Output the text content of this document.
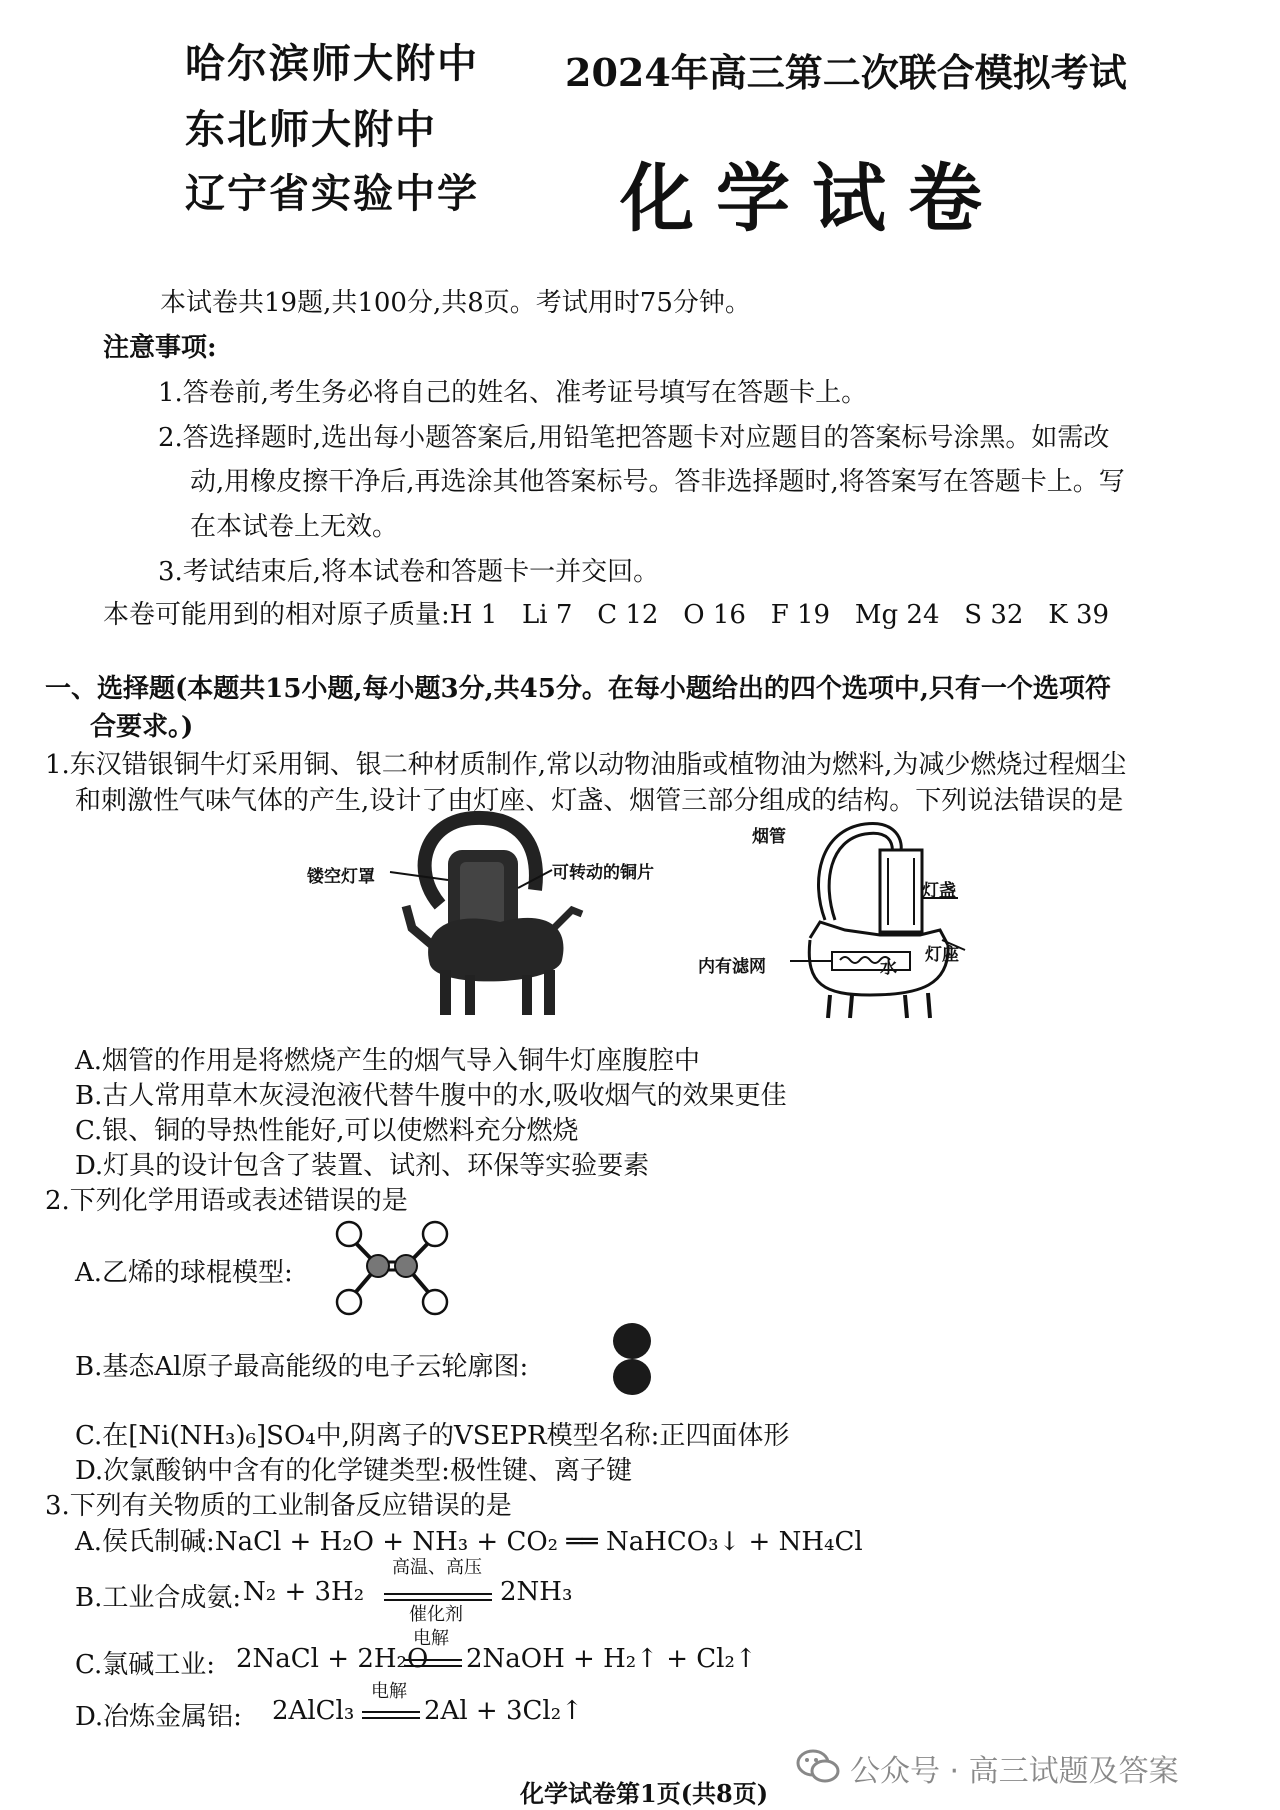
哈尔滨师大附中
东北师大附中
辽宁省实验中学
2024年高三第二次联合模拟考试
化学试卷
本试卷共19题,共100分,共8页。考试用时75分钟。
注意事项:
1.答卷前,考生务必将自己的姓名、准考证号填写在答题卡上。
2.答选择题时,选出每小题答案后,用铅笔把答题卡对应题目的答案标号涂黑。如需改
动,用橡皮擦干净后,再选涂其他答案标号。答非选择题时,将答案写在答题卡上。写
在本试卷上无效。
3.考试结束后,将本试卷和答题卡一并交回。
本卷可能用到的相对原子质量:H 1   Li 7   C 12   O 16   F 19   Mg 24   S 32   K 39
一、选择题(本题共15小题,每小题3分,共45分。在每小题给出的四个选项中,只有一个选项符
合要求。)
1.东汉错银铜牛灯采用铜、银二种材质制作,常以动物油脂或植物油为燃料,为减少燃烧过程烟尘
和刺激性气味气体的产生,设计了由灯座、灯盏、烟管三部分组成的结构。下列说法错误的是
镂空灯罩	可转动的铜片
烟管
灯盏
灯座
内有滤网	水
A.烟管的作用是将燃烧产生的烟气导入铜牛灯座腹腔中
B.古人常用草木灰浸泡液代替牛腹中的水,吸收烟气的效果更佳
C.银、铜的导热性能好,可以使燃料充分燃烧
D.灯具的设计包含了装置、试剂、环保等实验要素
2.下列化学用语或表述错误的是
A.乙烯的球棍模型:
B.基态Al原子最高能级的电子云轮廓图:
C.在[Ni(NH₃)₆]SO₄中,阴离子的VSEPR模型名称:正四面体形
D.次氯酸钠中含有的化学键类型:极性键、离子键
3.下列有关物质的工业制备反应错误的是
A.侯氏制碱:NaCl + H₂O + NH₃ + CO₂ ══ NaHCO₃↓ + NH₄Cl
B.工业合成氨: N₂ + 3H₂
高温、高压
催化剂
2NH₃
C.氯碱工业: 2NaCl + 2H₂O
电解
2NaOH + H₂↑ + Cl₂↑
D.冶炼金属铝: 2AlCl₃
电解
2Al + 3Cl₂↑
公众号 · 高三试题及答案
化学试卷第1页(共8页)
